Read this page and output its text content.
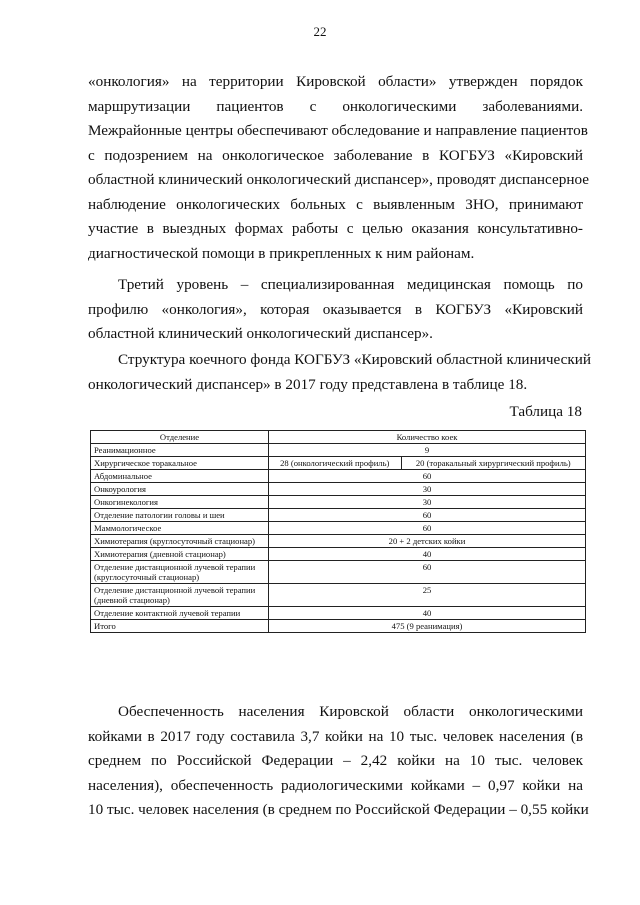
22

«онкология» на территории Кировской области» утвержден порядок
маршрутизации пациентов с онкологическими заболеваниями.
Межрайонные центры обеспечивают обследование и направление пациентов
с подозрением на онкологическое заболевание в КОГБУЗ «Кировский
областной клинический онкологический диспансер», проводят диспансерное
наблюдение онкологических больных с выявленным ЗНО, принимают
участие в выездных формах работы с целью оказания консультативно-
диагностической помощи в прикрепленных к ним районам.

Третий уровень – специализированная медицинская помощь по
профилю «онкология», которая оказывается в КОГБУЗ «Кировский
областной клинический онкологический диспансер».

Структура коечного фонда КОГБУЗ «Кировский областной клинический
онкологический диспансер» в 2017 году представлена в таблице 18.

Таблица 18
Отделение	Количество коек	
Реанимационное	9	
Хирургическое торакальное	28 (онкологический профиль)	20 (торакальный хирургический профиль)
Абдоминальное	60	
Онкоурология	30	
Онкогинекология	30	
Отделение патологии головы и шеи	60	
Маммологическое	60	
Химиотерапия (круглосуточный стационар)	20 + 2 детских койки	
Химиотерапия (дневной стационар)	40	
Отделение дистанционной лучевой терапии (круглосуточный стационар)	60	
Отделение дистанционной лучевой терапии (дневной стационар)	25	
Отделение контактной лучевой терапии	40	
Итого	475 (9 реанимация)	

Обеспеченность населения Кировской области онкологическими
койками в 2017 году составила 3,7 койки на 10 тыс. человек населения (в
среднем по Российской Федерации – 2,42 койки на 10 тыс. человек
населения), обеспеченность радиологическими койками – 0,97 койки на
10 тыс. человек населения (в среднем по Российской Федерации – 0,55 койки
